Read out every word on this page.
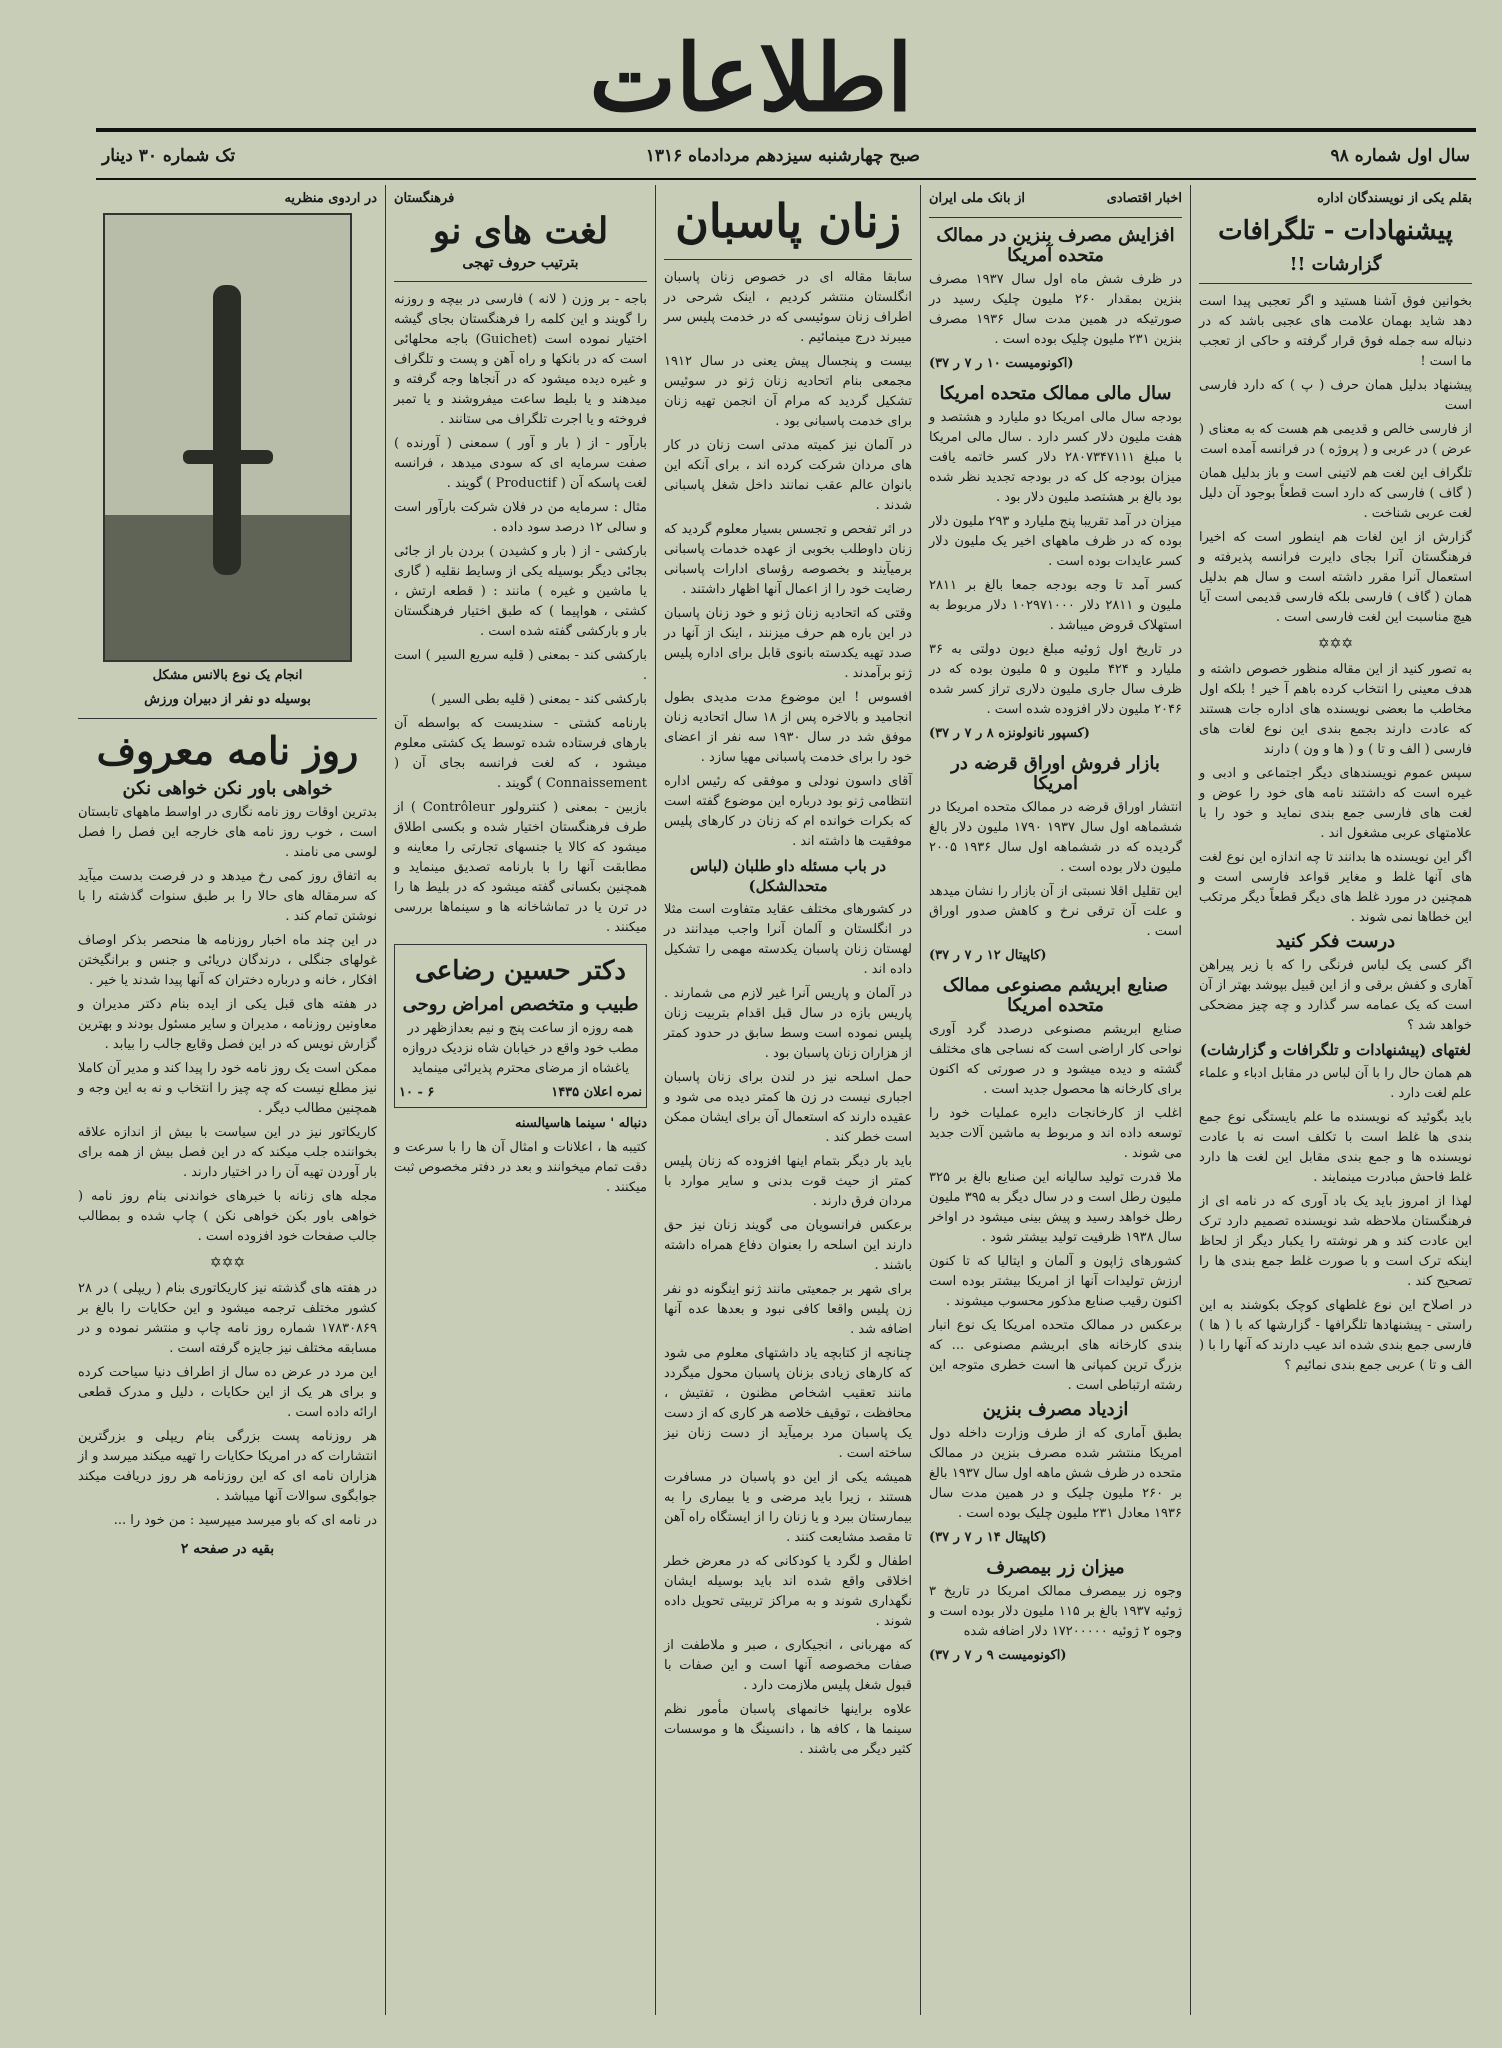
اطلاعات
سال اول شماره ۹۸
صبح چهارشنبه سیزدهم مردادماه ۱۳۱۶
تک شماره ۳۰ دینار
بقلم یکی از نویسندگان اداره
پیشنهادات - تلگرافات
گزارشات !!
بخوانین فوق آشنا هستید و اگر تعجبی پیدا است دهد شاید بهمان علامت های عجبی باشد که در دنباله سه جمله فوق قرار گرفته و حاکی از تعجب ما است !
پیشنهاد بدلیل همان حرف ( پ ) که دارد فارسی است
از فارسی خالص و قدیمی هم هست که به معنای ( عرض ) در عربی و ( پروژه ) در فرانسه آمده است
تلگراف این لغت هم لاتینی است و باز بدلیل همان ( گاف ) فارسی که دارد است قطعاً بوجود آن دلیل لغت عربی شناخت .
گزارش از این لغات هم اینطور است که اخیرا فرهنگستان آنرا بجای دایرت فرانسه پذیرفته و استعمال آنرا مقرر داشته است و سال هم بدلیل همان ( گاف ) فارسی بلکه فارسی قدیمی است آیا هیچ مناسبت این لغت فارسی است .
✡✡✡
به تصور کنید از این مقاله منظور خصوص داشته و هدف معینی را انتخاب کرده باهم آ خیر ! بلکه اول مخاطب ما بعضی نویسنده های اداره جات هستند که عادت دارند بجمع بندی این نوع لغات های فارسی ( الف و تا ) و ( ها و ون ) دارند
سپس عموم نویسندهای دیگر اجتماعی و ادبی و غیره است که داشتند نامه های خود را عوض و لغت های فارسی جمع بندی نماید و خود را با علامتهای عربی مشغول اند .
اگر این نویسنده ها بدانند تا چه اندازه این نوع لغت های آنها غلط و مغایر قواعد فارسی است و همچنین در مورد غلط های دیگر قطعاً دیگر مرتکب این خطاها نمی شوند .
درست فکر کنید
اگر کسی یک لباس فرنگی را که با زیر پیراهن آهاری و کفش برقی و از این قبیل بپوشد بهتر از آن است که یک عمامه سر گذارد و چه چیز مضحکی خواهد شد ؟
لغتهای (پیشنهادات و تلگرافات و گزارشات)
هم همان حال را با آن لباس در مقابل ادباء و علماء علم لغت دارد .
باید بگوئید که نویسنده ما علم بایستگی نوع جمع بندی ها غلط است با تکلف است نه با عادت نویسنده ها و جمع بندی مقابل این لغت ها دارد غلط فاحش مبادرت مینمایند .
لهذا از امروز باید یک باد آوری که در نامه ای از فرهنگستان ملاحظه شد نویسنده تصمیم دارد ترک این عادت کند و هر نوشته را یکبار دیگر از لحاظ اینکه ترک است و با صورت غلط جمع بندی ها را تصحیح کند .
در اصلاح این نوع غلطهای کوچک بکوشند به این راستی - پیشنهادها تلگرافها - گزارشها که با ( ها ) فارسی جمع بندی شده اند عیب دارند که آنها را با ( الف و تا ) عربی جمع بندی نمائیم ؟
اخبار اقتصادی
از بانک ملی ایران
افزایش مصرف بنزین در ممالک متحده آمریکا
در ظرف شش ماه اول سال ۱۹۳۷ مصرف بنزین بمقدار ۲۶۰ ملیون چلیک رسید در صورتیکه در همین مدت سال ۱۹۳۶ مصرف بنزین ۲۳۱ ملیون چلیک بوده است .
(اکونومیست ۱۰ ر ۷ ر ۳۷)
سال مالی ممالک متحده امریکا
بودجه سال مالی امریکا دو ملیارد و هشتصد و هفت ملیون دلار کسر دارد . سال مالی امریکا با مبلغ ۲۸۰۷۳۴۷۱۱۱ دلار کسر خاتمه یافت میزان بودجه کل که در بودجه تجدید نظر شده بود بالغ بر هشتصد ملیون دلار بود .
میزان در آمد تقریبا پنج ملیارد و ۲۹۳ ملیون دلار بوده که در ظرف ماههای اخیر یک ملیون دلار کسر عایدات بوده است .
کسر آمد تا وجه بودجه جمعا بالغ بر ۲۸۱۱ ملیون و ۲۸۱۱ دلار ۱۰۲۹۷۱۰۰۰ دلار مربوط به استهلاک قروض میباشد .
در تاریخ اول ژوئیه مبلغ دیون دولتی به ۳۶ ملیارد و ۴۲۴ ملیون و ۵ ملیون بوده که در ظرف سال جاری ملیون دلاری تراز کسر شده ۲۰۴۶ ملیون دلار افزوده شده است .
(کسپور نانولونزه ۸ ر ۷ ر ۳۷)
بازار فروش اوراق قرضه در امریکا
انتشار اوراق قرضه در ممالک متحده امریکا در ششماهه اول سال ۱۹۳۷ ۱۷۹۰ ملیون دلار بالغ گردیده که در ششماهه اول سال ۱۹۳۶ ۲۰۰۵ ملیون دلار بوده است .
این تقلیل اقلا نسبتی از آن بازار را نشان میدهد و علت آن ترقی نرخ و کاهش صدور اوراق است .
(کاپیتال ۱۲ ر ۷ ر ۳۷)
صنایع ابریشم مصنوعی ممالک متحده امریکا
صنایع ابریشم مصنوعی درصدد گرد آوری نواحی کار اراضی است که نساجی های مختلف گشته و دیده میشود و در صورتی که اکنون برای کارخانه ها محصول جدید است .
اغلب از کارخانجات دایره عملیات خود را توسعه داده اند و مربوط به ماشین آلات جدید می شوند .
ملا قدرت تولید سالیانه این صنایع بالغ بر ۳۲۵ ملیون رطل است و در سال دیگر به ۳۹۵ ملیون رطل خواهد رسید و پیش بینی میشود در اواخر سال ۱۹۳۸ ظرفیت تولید بیشتر شود .
کشورهای ژاپون و آلمان و ایتالیا که تا کنون ارزش تولیدات آنها از امریکا بیشتر بوده است اکنون رقیب صنایع مذکور محسوب میشوند .
برعکس در ممالک متحده امریکا یک نوع انبار بندی کارخانه های ابریشم مصنوعی ... که بزرگ ترین کمپانی ها است خطری متوجه این رشته ارتباطی است .
ازدیاد مصرف بنزین
بطبق آماری که از طرف وزارت داخله دول امریکا منتشر شده مصرف بنزین در ممالک متحده در ظرف شش ماهه اول سال ۱۹۳۷ بالغ بر ۲۶۰ ملیون چلیک و در همین مدت سال ۱۹۳۶ معادل ۲۳۱ ملیون چلیک بوده است .
(کاپیتال ۱۴ ر ۷ ر ۳۷)
میزان زر بیمصرف
وجوه زر بیمصرف ممالک امریکا در تاریخ ۳ ژوئیه ۱۹۳۷ بالغ بر ۱۱۵ ملیون دلار بوده است و وجوه ۲ ژوئیه ۱۷۲۰۰۰۰۰ دلار اضافه شده
(اکونومیست ۹ ر ۷ ر ۳۷)
زنان پاسبان
سابقا مقاله ای در خصوص زنان پاسبان انگلستان منتشر کردیم ، اینک شرحی در اطراف زنان سوئیسی که در خدمت پلیس سر میبرند درج مینمائیم .
بیست و پنجسال پیش یعنی در سال ۱۹۱۲ مجمعی بنام اتحادیه زنان ژنو در سوئیس تشکیل گردید که مرام آن انجمن تهیه زنان برای خدمت پاسبانی بود .
در آلمان نیز کمیته مدتی است زنان در کار های مردان شرکت کرده اند ، برای آنکه این بانوان عالم عقب نمانند داخل شغل پاسبانی شدند .
در اثر تفحص و تجسس بسیار معلوم گردید که زنان داوطلب بخوبی از عهده خدمات پاسبانی برمیآیند و بخصوصه رؤسای ادارات پاسبانی رضایت خود را از اعمال آنها اظهار داشتند .
وقتی که اتحادیه زنان ژنو و خود زنان پاسبان در این باره هم حرف میزنند ، اینک از آنها در صدد تهیه یکدسته بانوی قابل برای اداره پلیس ژنو برآمدند .
افسوس ! این موضوع مدت مدیدی بطول انجامید و بالاخره پس از ۱۸ سال اتحادیه زنان موفق شد در سال ۱۹۳۰ سه نفر از اعضای خود را برای خدمت پاسبانی مهیا سازد .
آقای داسون نودلی و موفقی که رئیس اداره انتظامی ژنو بود درباره این موضوع گفته است که بکرات خوانده ام که زنان در کارهای پلیس موفقیت ها داشته اند .
در باب مسئله داو طلبان (لباس متحدالشکل)
در کشورهای مختلف عقاید متفاوت است مثلا در انگلستان و آلمان آنرا واجب میدانند در لهستان زنان پاسبان یکدسته مهمی را تشکیل داده اند .
در آلمان و پاریس آنرا غیر لازم می شمارند . پاریس بازه در سال قبل اقدام بتربیت زنان پلیس نموده است وسط سابق در حدود کمتر از هزاران زنان پاسبان بود .
حمل اسلحه نیز در لندن برای زنان پاسبان اجباری نیست در زن ها کمتر دیده می شود و عقیده دارند که استعمال آن برای ایشان ممکن است خطر کند .
باید بار دیگر بتمام اینها افزوده که زنان پلیس کمتر از حیث قوت بدنی و سایر موارد با مردان فرق دارند .
برعکس فرانسویان می گویند زنان نیز حق دارند این اسلحه را بعنوان دفاع همراه داشته باشند .
برای شهر بر جمعیتی مانند ژنو اینگونه دو نفر زن پلیس واقعا کافی نبود و بعدها عده آنها اضافه شد .
چنانچه از کتابچه یاد داشتهای معلوم می شود که کارهای زیادی بزنان پاسبان محول میگردد مانند تعقیب اشخاص مظنون ، تفتیش ، محافظت ، توقیف خلاصه هر کاری که از دست یک پاسبان مرد برمیآید از دست زنان نیز ساخته است .
همیشه یکی از این دو پاسبان در مسافرت هستند ، زیرا باید مرضی و یا بیماری را به بیمارستان ببرد و یا زنان را از ایستگاه راه آهن تا مقصد مشایعت کنند .
اطفال و لگرد یا کودکانی که در معرض خطر اخلاقی واقع شده اند باید بوسیله ایشان نگهداری شوند و به مراکز تربیتی تحویل داده شوند .
که مهربانی ، انجیکاری ، صبر و ملاطفت از صفات مخصوصه آنها است و این صفات با قبول شغل پلیس ملازمت دارد .
علاوه براینها خانمهای پاسبان مأمور نظم سینما ها ، کافه ها ، دانسینگ ها و موسسات کثیر دیگر می باشند .
فرهنگستان
لغت های نو
بترتیب حروف تهجی
باجه - بر وزن ( لانه ) فارسی در بیچه و روزنه را گویند و این کلمه را فرهنگستان بجای گیشه اختیار نموده است (Guichet) باجه محلهائی است که در بانکها و راه آهن و پست و تلگراف و غیره دیده میشود که در آنجاها وجه گرفته و میدهند و یا بلیط ساعت میفروشند و یا تمبر فروخته و یا اجرت تلگراف می ستانند .
بارآور - از ( بار و آور ) سمعنی ( آورنده ) صفت سرمایه ای که سودی میدهد ، فرانسه لغت پاسکه آن ( Productif ) گویند .
مثال : سرمایه من در فلان شرکت بارآور است و سالی ۱۲ درصد سود داده .
بارکشی - از ( بار و کشیدن ) بردن بار از جائی بجائی دیگر بوسیله یکی از وسایط نقلیه ( گاری یا ماشین و غیره ) مانند : ( قطعه ارتش ، کشتی ، هواپیما ) که طبق اختیار فرهنگستان بار و بارکشی گفته شده است .
بارکشی کند - بمعنی ( قلیه سریع السیر ) است .
بارکشی کند - بمعنی ( قلیه بطی السیر )
بارنامه کشتی - سندیست که بواسطه آن بارهای فرستاده شده توسط یک کشتی معلوم میشود ، که لغت فرانسه بجای آن ( Connaissement ) گویند .
بازبین - بمعنی ( کنترولور Contrôleur ) از طرف فرهنگستان اختیار شده و بکسی اطلاق میشود که کالا یا جنسهای تجارتی را معاینه و مطابقت آنها را با بارنامه تصدیق مینماید و همچنین بکسانی گفته میشود که در بلیط ها را در ترن یا در تماشاخانه ها و سینماها بررسی میکنند .
دکتر حسین رضاعی
طبیب و متخصص امراض روحی
همه روزه از ساعت پنج و نیم بعدازظهر در مطب خود واقع در خیابان شاه نزدیک دروازه یاغشاه از مرضای محترم پذیرائی مینماید
نمره اعلان ۱۴۳۵
۶ - ۱۰
دنباله ' سینما هاسیالسنه
کتیبه ها ، اعلانات و امثال آن ها را با سرعت و دقت تمام میخوانند و بعد در دفتر مخصوص ثبت میکنند .
در اردوی منظریه
انجام یک نوع بالانس مشکل
بوسیله دو نفر از دبیران ورزش
روز نامه معروف
خواهی باور نکن خواهی نکن
بدترین اوقات روز نامه نگاری در اواسط ماههای تابستان است ، خوب روز نامه های خارجه این فصل را فصل لوسی می نامند .
به اتفاق روز کمی رخ میدهد و در فرصت بدست میآید که سرمقاله های حالا را بر طبق سنوات گذشته را با نوشتن تمام کند .
در این چند ماه اخبار روزنامه ها منحصر بذکر اوصاف غولهای جنگلی ، درندگان دریائی و جنس و برانگیختن افکار ، خانه و درباره دختران که آنها پیدا شدند یا خیر .
در هفته های قبل یکی از ایده بنام دکتر مدیران و معاونین روزنامه ، مدیران و سایر مسئول بودند و بهترین گزارش نویس که در این فصل وقایع جالب را بیابد .
ممکن است یک روز نامه خود را پیدا کند و مدیر آن کاملا نیز مطلع نیست که چه چیز را انتخاب و نه به این وجه و همچنین مطالب دیگر .
کاریکاتور نیز در این سیاست با بیش از اندازه علاقه بخواننده جلب میکند که در این فصل بیش از همه برای بار آوردن تهیه آن را در اختیار دارند .
مجله های زنانه با خبرهای خواندنی بنام روز نامه ( خواهی باور بکن خواهی نکن ) چاپ شده و بمطالب جالب صفحات خود افزوده است .
✡✡✡
در هفته های گذشته نیز کاریکاتوری بنام ( ریپلی ) در ۲۸ کشور مختلف ترجمه میشود و این حکایات را بالغ بر ۱۷۸۳۰۸۶۹ شماره روز نامه چاپ و منتشر نموده و در مسابقه مختلف نیز جایزه گرفته است .
این مرد در عرض ده سال از اطراف دنیا سیاحت کرده و برای هر یک از این حکایات ، دلیل و مدرک قطعی ارائه داده است .
هر روزنامه پست بزرگی بنام ریپلی و بزرگترین انتشارات که در امریکا حکایات را تهیه میکند میرسد و از هزاران نامه ای که این روزنامه هر روز دریافت میکند جوابگوی سوالات آنها میباشد .
در نامه ای که باو میرسد میپرسید : من خود را ...
بقیه در صفحه ۲
